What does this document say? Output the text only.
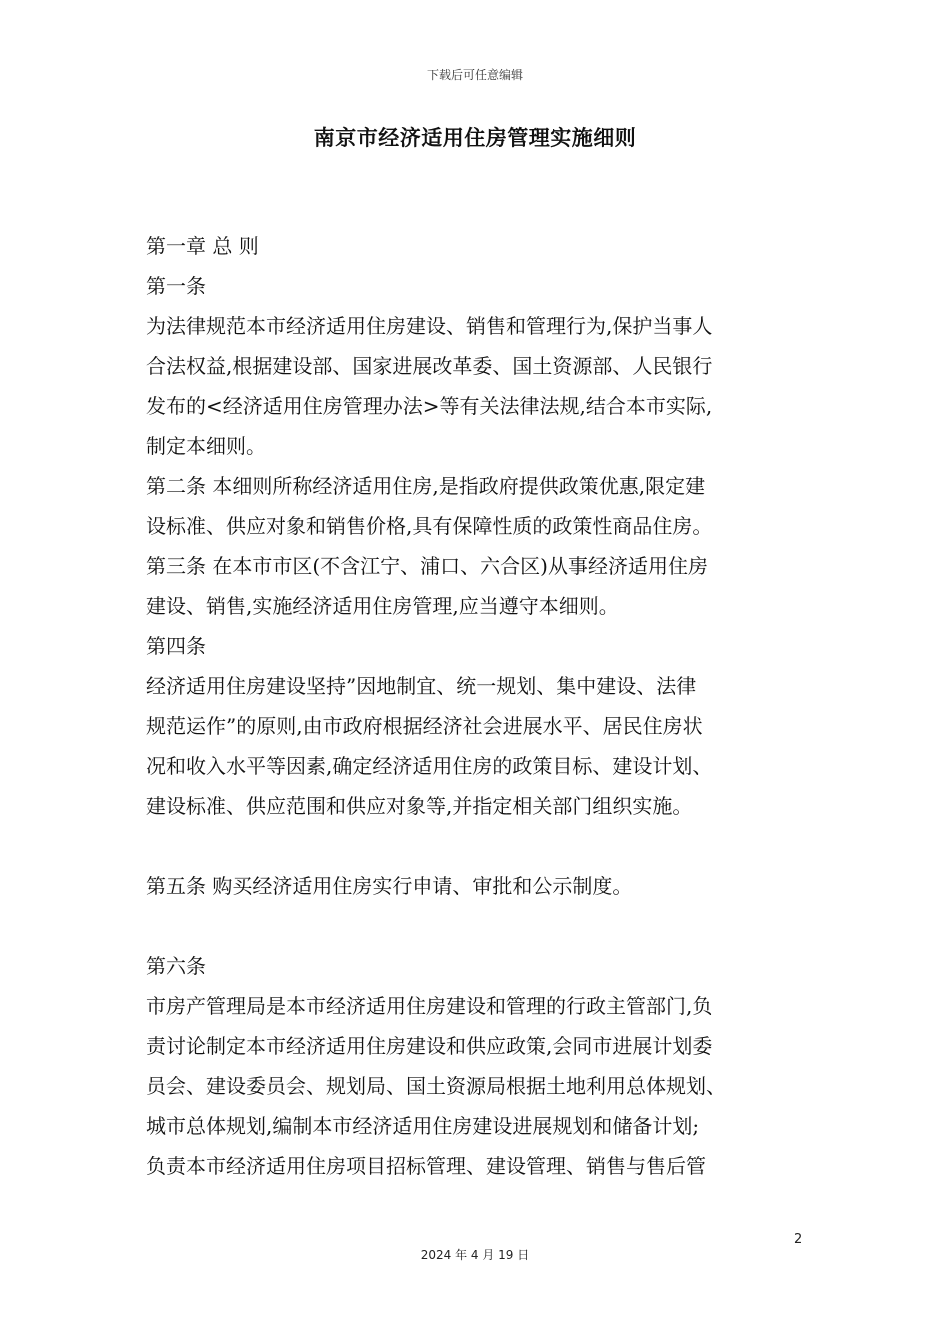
下载后可任意编辑
南京市经济适用住房管理实施细则
第一章 总 则
第一条
为法律规范本市经济适用住房建设、销售和管理行为,保护当事人
合法权益,根据建设部、国家进展改革委、国土资源部、人民银行
发布的<经济适用住房管理办法>等有关法律法规,结合本市实际,
制定本细则。
第二条 本细则所称经济适用住房,是指政府提供政策优惠,限定建
设标准、供应对象和销售价格,具有保障性质的政策性商品住房。
第三条 在本市市区(不含江宁、浦口、六合区)从事经济适用住房
建设、销售,实施经济适用住房管理,应当遵守本细则。
第四条
经济适用住房建设坚持”因地制宜、统一规划、集中建设、法律
规范运作”的原则,由市政府根据经济社会进展水平、居民住房状
况和收入水平等因素,确定经济适用住房的政策目标、建设计划、
建设标准、供应范围和供应对象等,并指定相关部门组织实施。
第五条 购买经济适用住房实行申请、审批和公示制度。
第六条
市房产管理局是本市经济适用住房建设和管理的行政主管部门,负
责讨论制定本市经济适用住房建设和供应政策,会同市进展计划委
员会、建设委员会、规划局、国土资源局根据土地利用总体规划、
城市总体规划,编制本市经济适用住房建设进展规划和储备计划;
负责本市经济适用住房项目招标管理、建设管理、销售与售后管
2
2024 年 4 月 19 日
